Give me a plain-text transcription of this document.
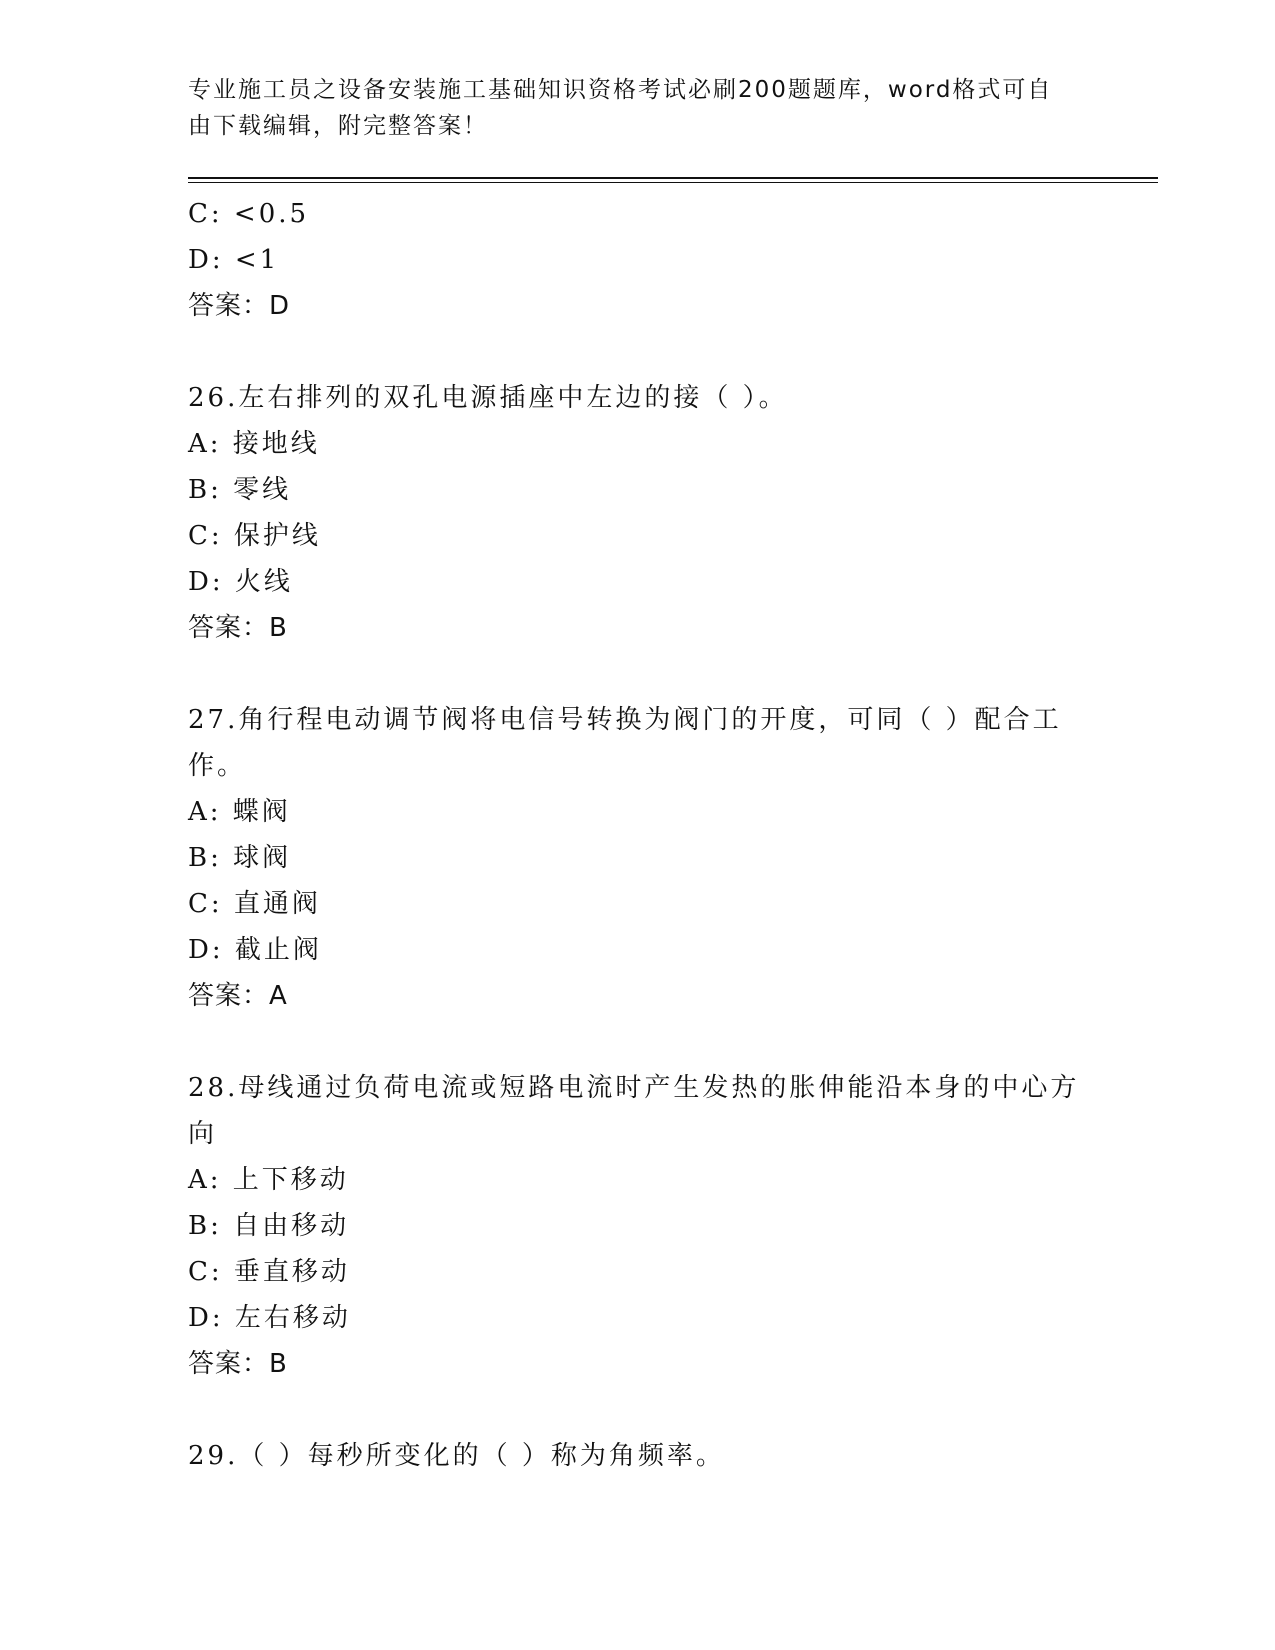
专业施工员之设备安装施工基础知识资格考试必刷200题题库，word格式可自由下载编辑，附完整答案！
C: <0.5
D: <1
答案：D
26.左右排列的双孔电源插座中左边的接（ ）。
A: 接地线
B: 零线
C: 保护线
D: 火线
答案：B
27.角行程电动调节阀将电信号转换为阀门的开度，可同（ ）配合工作。
A: 蝶阀
B: 球阀
C: 直通阀
D: 截止阀
答案：A
28.母线通过负荷电流或短路电流时产生发热的胀伸能沿本身的中心方向
A: 上下移动
B: 自由移动
C: 垂直移动
D: 左右移动
答案：B
29.（ ）每秒所变化的（ ）称为角频率。
